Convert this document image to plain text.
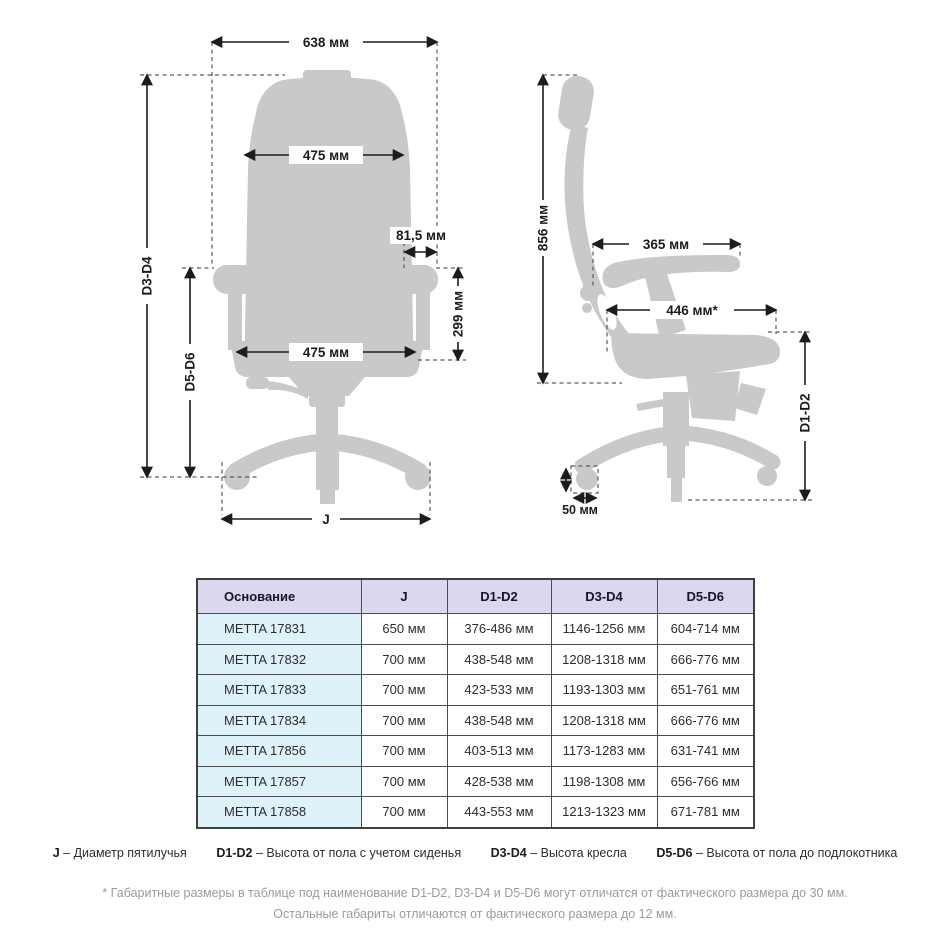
638 мм
475 мм
81,5 мм
299 мм
D3-D4
D5-D6	475 мм
J
856 мм	365 мм
446 мм*
D1-D2
50 мм
Основание	J	D1-D2	D3-D4	D5-D6
METTA 17831	650 мм	376-486 мм	1146-1256 мм	604-714 мм
METTA 17832	700 мм	438-548 мм	1208-1318 мм	666-776 мм
METTA 17833	700 мм	423-533 мм	1193-1303 мм	651-761 мм
METTA 17834	700 мм	438-548 мм	1208-1318 мм	666-776 мм
METTA 17856	700 мм	403-513 мм	1173-1283 мм	631-741 мм
METTA 17857	700 мм	428-538 мм	1198-1308 мм	656-766 мм
METTA 17858	700 мм	443-553 мм	1213-1323 мм	671-781 мм
J – Диаметр пятилучья D1-D2 – Высота от пола с учетом сиденья D3-D4 – Высота кресла D5-D6 – Высота от пола до подлокотника
* Габаритные размеры в таблице под наименование D1-D2, D3-D4 и D5-D6 могут отличатся от фактического размера до 30 мм.
Остальные габариты отличаются от фактического размера до 12 мм.
